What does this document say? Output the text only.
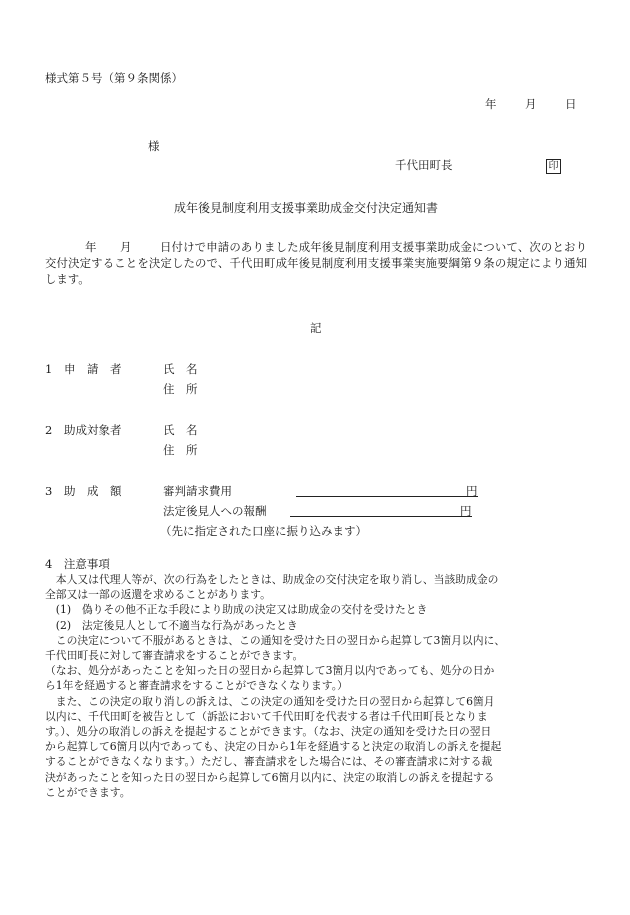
様式第５号（第９条関係）
年 月 日
様
千代田町長	印
成年後見制度利用支援事業助成金交付決定通知書
年 月	日付けで申請のありました成年後見制度利用支援事業助成金について、次のとおり交付決定することを決定したので、千代田町成年後見制度利用支援事業実施要綱第９条の規定により通知します。
記
1 申　請　者	氏　名
住　所
2 助成対象者	氏　名
住　所
3 助　成　額	審判請求費用	円
法定後見人への報酬	円
（先に指定された口座に振り込みます）
4　注意事項
　本人又は代理人等が、次の行為をしたときは、助成金の交付決定を取り消し、当該助成金の
全部又は一部の返還を求めることがあります。
　(1)　偽りその他不正な手段により助成の決定又は助成金の交付を受けたとき
　(2)　法定後見人として不適当な行為があったとき
　この決定について不服があるときは、この通知を受けた日の翌日から起算して3箇月以内に、
千代田町長に対して審査請求をすることができます。
（なお、処分があったことを知った日の翌日から起算して3箇月以内であっても、処分の日か
ら1年を経過すると審査請求をすることができなくなります。）
　また、この決定の取り消しの訴えは、この決定の通知を受けた日の翌日から起算して6箇月
以内に、千代田町を被告として（訴訟において千代田町を代表する者は千代田町長となりま
す。）、処分の取消しの訴えを提起することができます。（なお、決定の通知を受けた日の翌日
から起算して6箇月以内であっても、決定の日から1年を経過すると決定の取消しの訴えを提起
することができなくなります。）ただし、審査請求をした場合には、その審査請求に対する裁
決があったことを知った日の翌日から起算して6箇月以内に、決定の取消しの訴えを提起する
ことができます。
